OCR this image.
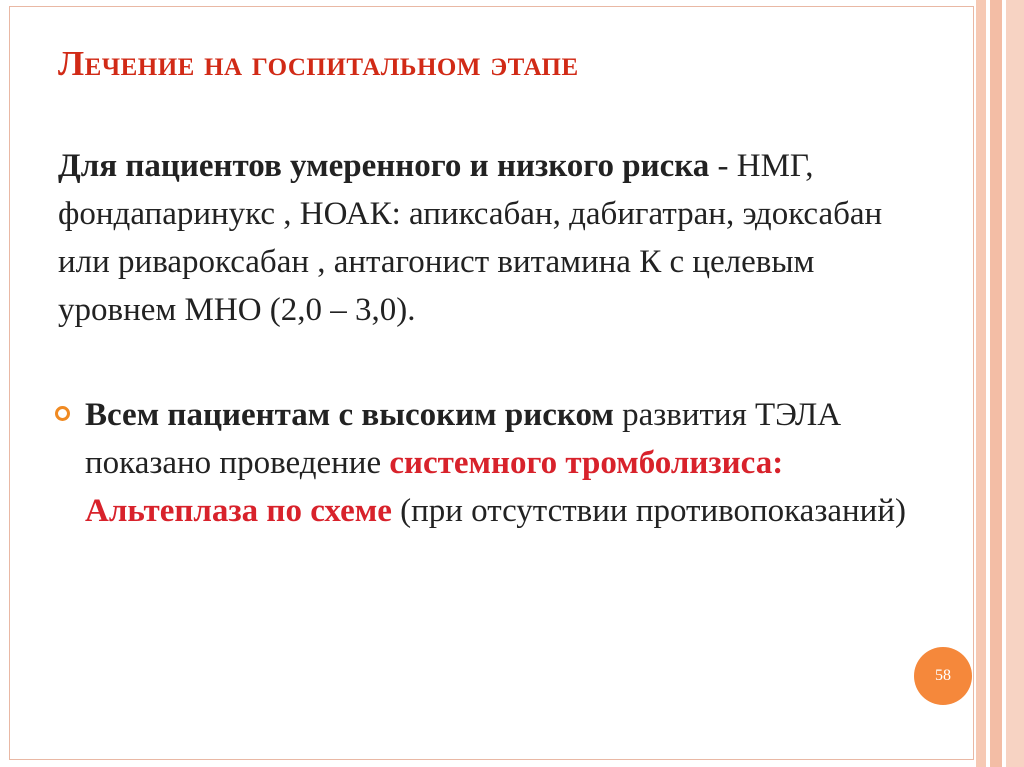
Лечение на госпитальном этапе
Для пациентов умеренного и низкого риска - НМГ, фондапаринукс , НОАК: апиксабан, дабигатран, эдоксабан или ривароксабан , антагонист витамина К с целевым уровнем МНО (2,0 – 3,0).
Всем пациентам с высоким риском развития ТЭЛА показано проведение системного тромболизиса: Альтеплаза по схеме (при отсутствии противопоказаний)
58
